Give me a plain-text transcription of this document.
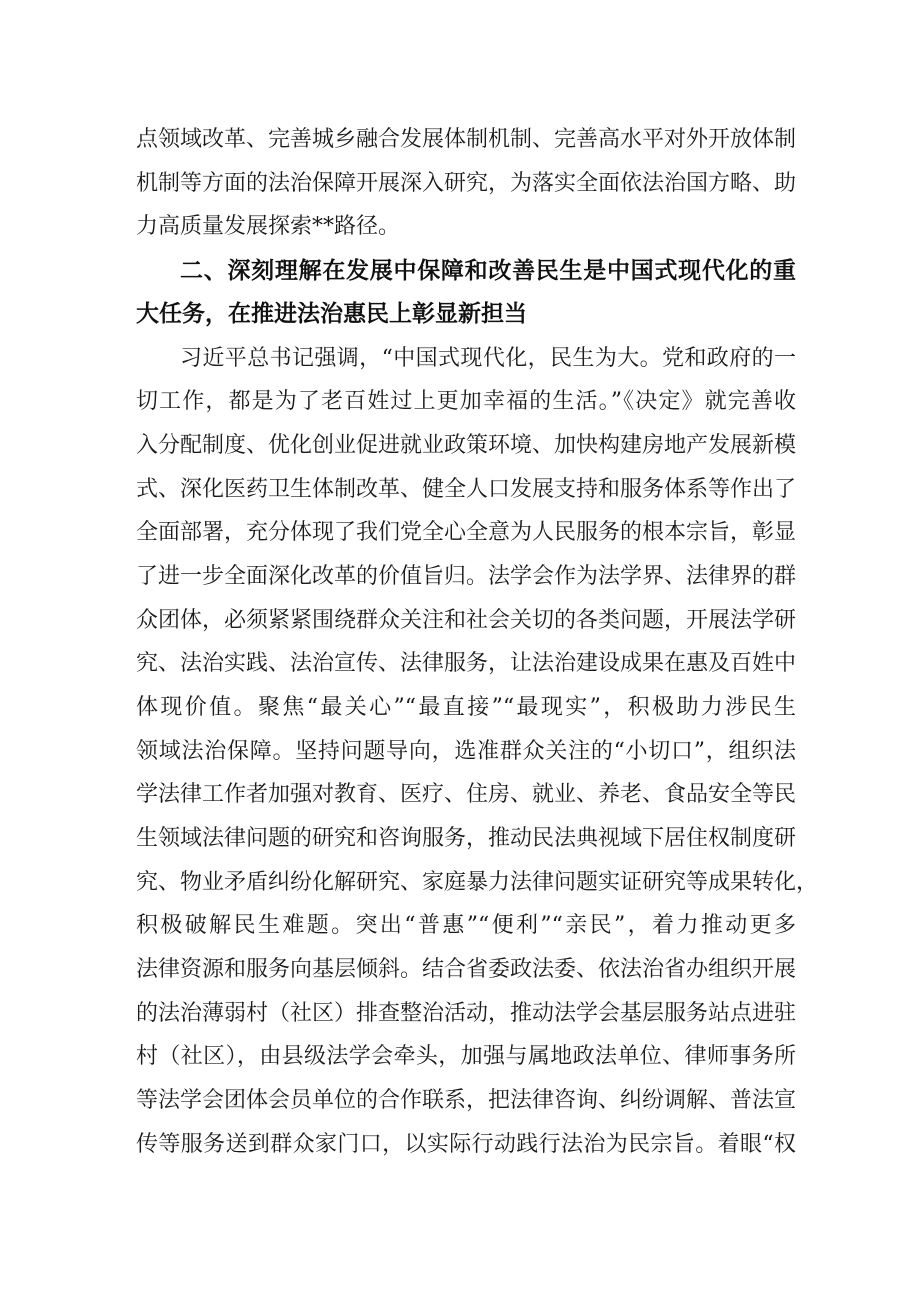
点领域改革、完善城乡融合发展体制机制、完善高水平对外开放体制
机制等方面的法治保障开展深入研究，为落实全面依法治国方略、助
力高质量发展探索**路径。
二、深刻理解在发展中保障和改善民生是中国式现代化的重
大任务，在推进法治惠民上彰显新担当
习近平总书记强调，“中国式现代化，民生为大。党和政府的一
切工作，都是为了老百姓过上更加幸福的生活。”《决定》就完善收
入分配制度、优化创业促进就业政策环境、加快构建房地产发展新模
式、深化医药卫生体制改革、健全人口发展支持和服务体系等作出了
全面部署，充分体现了我们党全心全意为人民服务的根本宗旨，彰显
了进一步全面深化改革的价值旨归。法学会作为法学界、法律界的群
众团体，必须紧紧围绕群众关注和社会关切的各类问题，开展法学研
究、法治实践、法治宣传、法律服务，让法治建设成果在惠及百姓中
体现价值。聚焦“最关心”“最直接”“最现实”，积极助力涉民生
领域法治保障。坚持问题导向，选准群众关注的“小切口”，组织法
学法律工作者加强对教育、医疗、住房、就业、养老、食品安全等民
生领域法律问题的研究和咨询服务，推动民法典视域下居住权制度研
究、物业矛盾纠纷化解研究、家庭暴力法律问题实证研究等成果转化，
积极破解民生难题。突出“普惠”“便利”“亲民”，着力推动更多
法律资源和服务向基层倾斜。结合省委政法委、依法治省办组织开展
的法治薄弱村（社区）排查整治活动，推动法学会基层服务站点进驻
村（社区），由县级法学会牵头，加强与属地政法单位、律师事务所
等法学会团体会员单位的合作联系，把法律咨询、纠纷调解、普法宣
传等服务送到群众家门口，以实际行动践行法治为民宗旨。着眼“权
